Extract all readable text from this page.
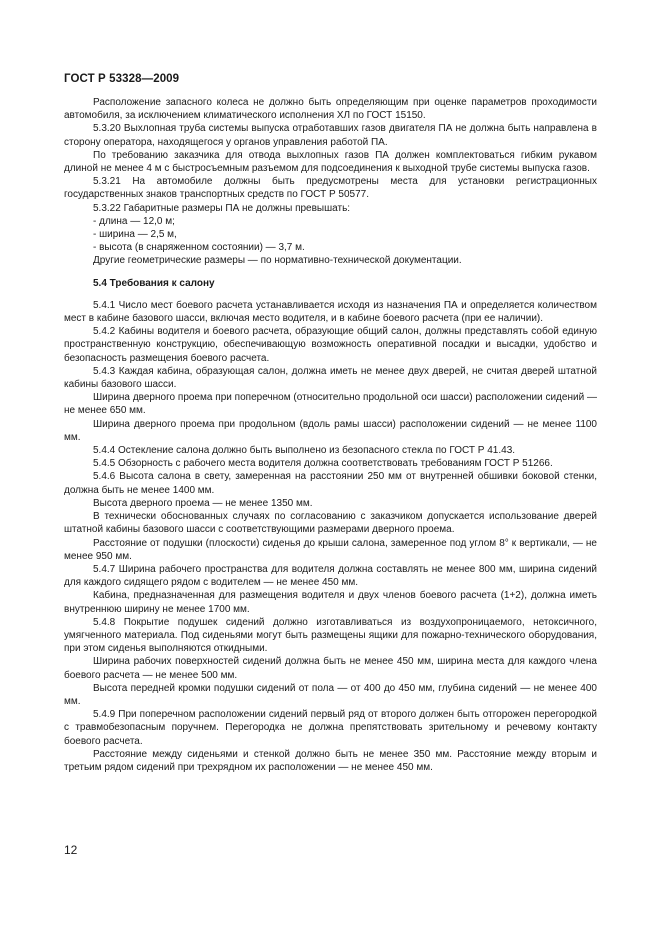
ГОСТ Р 53328—2009

Расположение запасного колеса не должно быть определяющим при оценке параметров проходимости автомобиля, за исключением климатического исполнения ХЛ по ГОСТ 15150.

5.3.20 Выхлопная труба системы выпуска отработавших газов двигателя ПА не должна быть направлена в сторону оператора, находящегося у органов управления работой ПА.

По требованию заказчика для отвода выхлопных газов ПА должен комплектоваться гибким рукавом длиной не менее 4 м с быстросъемным разъемом для подсоединения к выходной трубе системы выпуска газов.

5.3.21 На автомобиле должны быть предусмотрены места для установки регистрационных государственных знаков транспортных средств по ГОСТ Р 50577.

5.3.22 Габаритные размеры ПА не должны превышать:

- длина — 12,0 м;

- ширина — 2,5 м,

- высота (в снаряженном состоянии) — 3,7 м.

Другие геометрические размеры — по нормативно-технической документации.

5.4 Требования к салону

5.4.1 Число мест боевого расчета устанавливается исходя из назначения ПА и определяется количеством мест в кабине базового шасси, включая место водителя, и в кабине боевого расчета (при ее наличии).

5.4.2 Кабины водителя и боевого расчета, образующие общий салон, должны представлять собой единую пространственную конструкцию, обеспечивающую возможность оперативной посадки и высадки, удобство и безопасность размещения боевого расчета.

5.4.3 Каждая кабина, образующая салон, должна иметь не менее двух дверей, не считая дверей штатной кабины базового шасси.

Ширина дверного проема при поперечном (относительно продольной оси шасси) расположении сидений — не менее 650 мм.

Ширина дверного проема при продольном (вдоль рамы шасси) расположении сидений — не менее 1100 мм.

5.4.4 Остекление салона должно быть выполнено из безопасного стекла по ГОСТ Р 41.43.

5.4.5 Обзорность с рабочего места водителя должна соответствовать требованиям ГОСТ Р 51266.

5.4.6 Высота салона в свету, замеренная на расстоянии 250 мм от внутренней обшивки боковой стенки, должна быть не менее 1400 мм.

Высота дверного проема — не менее 1350 мм.

В технически обоснованных случаях по согласованию с заказчиком допускается использование дверей штатной кабины базового шасси с соответствующими размерами дверного проема.

Расстояние от подушки (плоскости) сиденья до крыши салона, замеренное под углом 8° к вертикали, — не менее 950 мм.

5.4.7 Ширина рабочего пространства для водителя должна составлять не менее 800 мм, ширина сидений для каждого сидящего рядом с водителем — не менее 450 мм.

Кабина, предназначенная для размещения водителя и двух членов боевого расчета (1+2), должна иметь внутреннюю ширину не менее 1700 мм.

5.4.8 Покрытие подушек сидений должно изготавливаться из воздухопроницаемого, нетоксичного, умягченного материала. Под сиденьями могут быть размещены ящики для пожарно-технического оборудования, при этом сиденья выполняются откидными.

Ширина рабочих поверхностей сидений должна быть не менее 450 мм, ширина места для каждого члена боевого расчета — не менее 500 мм.

Высота передней кромки подушки сидений от пола — от 400 до 450 мм, глубина сидений — не менее 400 мм.

5.4.9 При поперечном расположении сидений первый ряд от второго должен быть отгорожен перегородкой с травмобезопасным поручнем. Перегородка не должна препятствовать зрительному и речевому контакту боевого расчета.

Расстояние между сиденьями и стенкой должно быть не менее 350 мм. Расстояние между вторым и третьим рядом сидений при трехрядном их расположении — не менее 450 мм.

12
